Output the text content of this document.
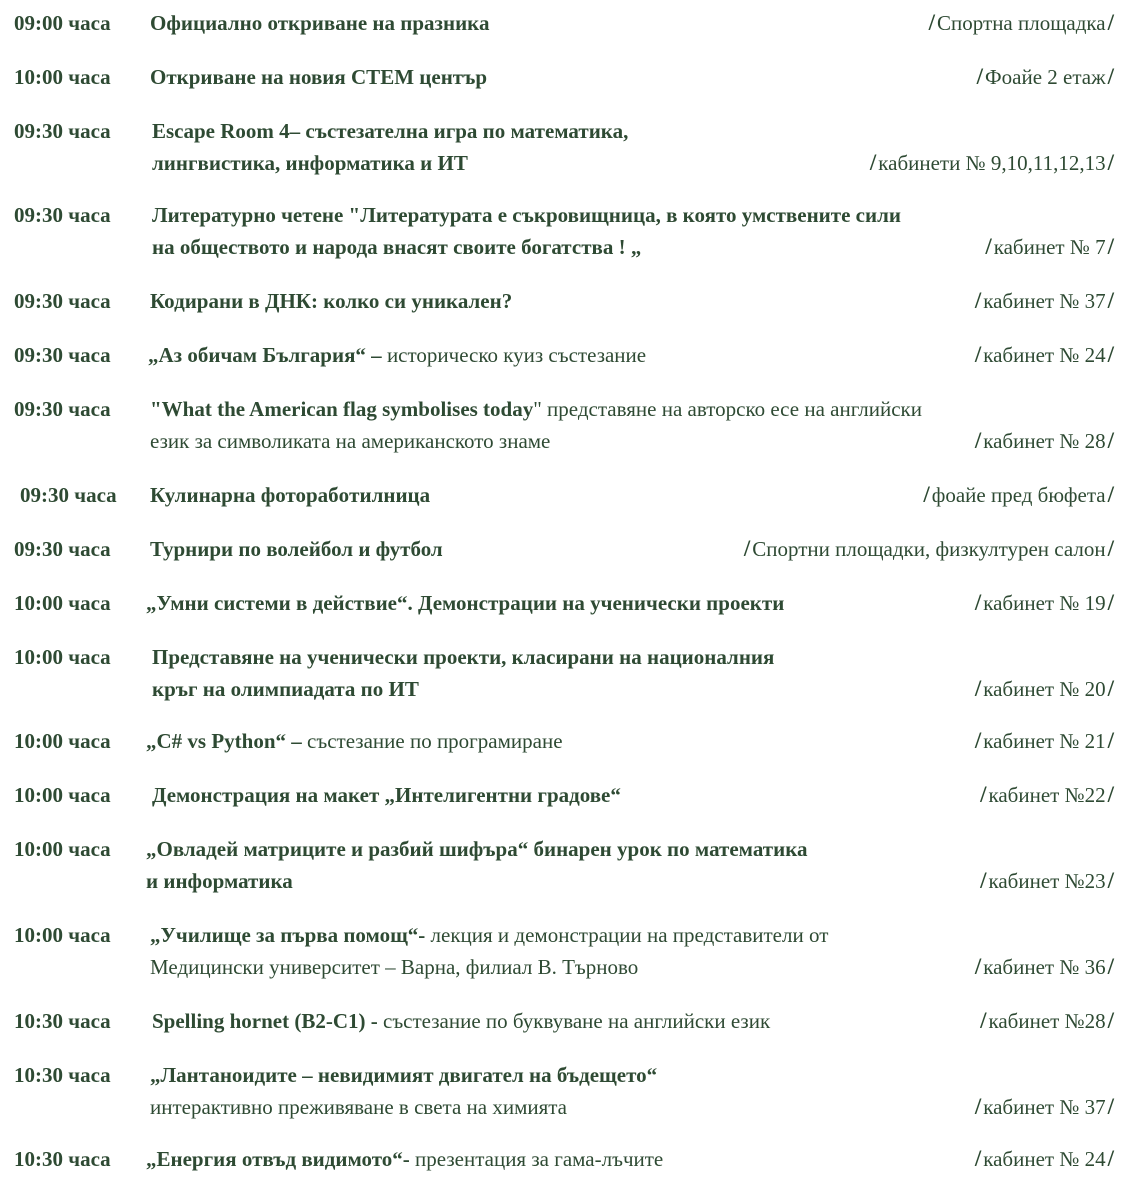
09:00 часа Официално откриване на празника	/Спортна площадка/
10:00 часа Откриване на новия СТЕМ център	/Фоайе 2 етаж/
09:30 часа Escape Room 4– състезателна игра по математика,
лингвистика, информатика и ИТ	/кабинети № 9,10,11,12,13/
09:30 часа Литературно четене "Литературата е съкровищница, в която умствените сили
на обществото и народа внасят своите богатства ! „	/кабинет № 7/
09:30 часа Кодирани в ДНК: колко си уникален?	/кабинет № 37/
09:30 часа „Аз обичам България“ – историческо куиз състезание	/кабинет № 24/
09:30 часа "What the American flag symbolises today" представяне на авторско есе на английски
език за символиката на американското знаме	/кабинет № 28/
09:30 часа Кулинарна фоторабoтилница	/фоайе пред бюфета/
09:30 часа Турнири по волейбол и футбол	/Спортни площадки, физкултурен салон/
10:00 часа „Умни системи в действие“. Демонстрации на ученически проекти	/кабинет № 19/
10:00 часа Представяне на ученически проекти, класирани на националния
кръг на олимпиадата по ИТ	/кабинет № 20/
10:00 часа „C# vs Python“ – състезание по програмиране	/кабинет № 21/
10:00 часа Демонстрация на макет „Интелигентни градове“	/кабинет №22/
10:00 часа „Овладей матриците и разбий шифъра“ бинарен урок по математика
и информатика	/кабинет №23/
10:00 часа „Училище за първа помощ“- лекция и демонстрации на представители от
Медицински университет – Варна, филиал В. Търново	/кабинет № 36/
10:30 часа Spelling hornet (B2-C1) - състезание по буквуване на английски език	/кабинет №28/
10:30 часа „Лантаноидите – невидимият двигател на бъдещето“
интерактивно преживяване в света на химията	/кабинет № 37/
10:30 часа „Енергия отвъд видимото“- презентация за гама-лъчите	/кабинет № 24/
